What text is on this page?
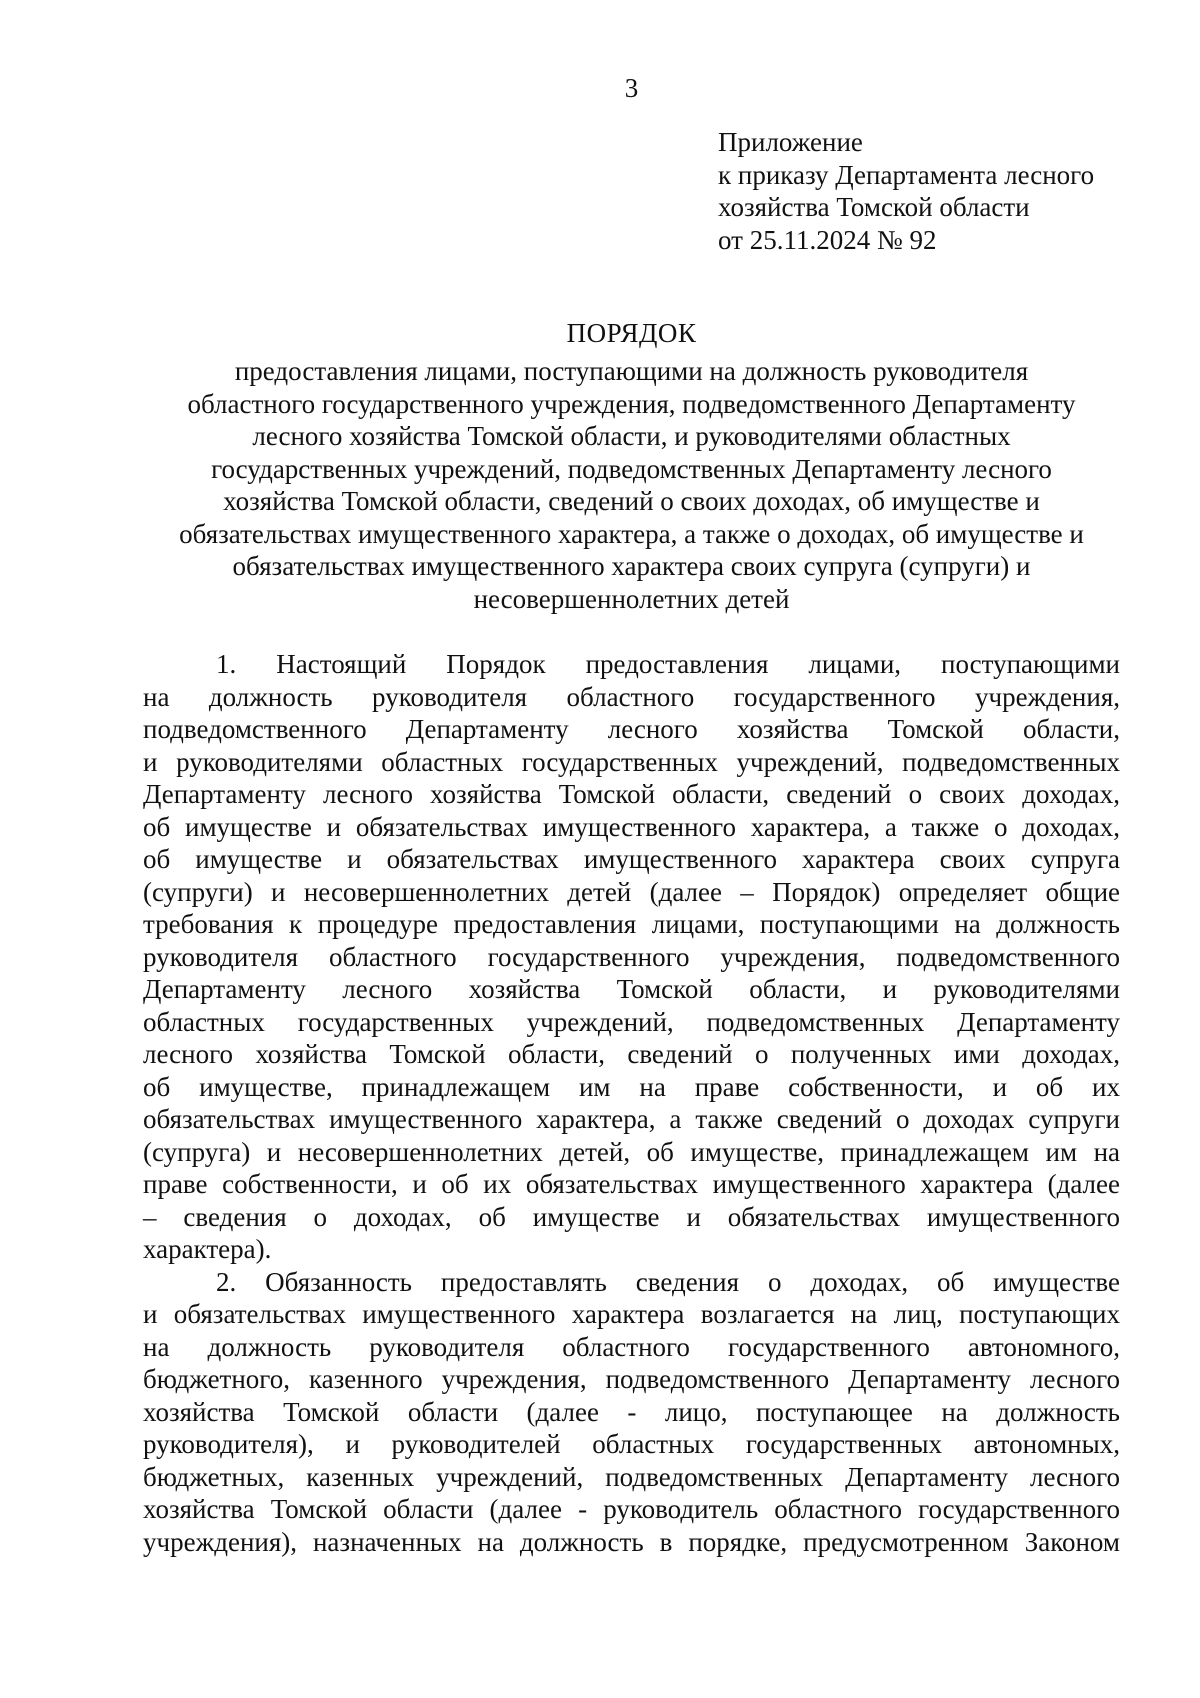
3
Приложение
к приказу Департамента лесного
хозяйства Томской области
от 25.11.2024 № 92
ПОРЯДОК
предоставления лицами, поступающими на должность руководителя
областного государственного учреждения, подведомственного Департаменту
лесного хозяйства Томской области, и руководителями областных
государственных учреждений, подведомственных Департаменту лесного
хозяйства Томской области, сведений о своих доходах, об имуществе и
обязательствах имущественного характера, а также о доходах, об имуществе и
обязательствах имущественного характера своих супруга (супруги) и
несовершеннолетних детей
1. Настоящий Порядок предоставления лицами, поступающими
на должность руководителя областного государственного учреждения,
подведомственного Департаменту лесного хозяйства Томской области,
и руководителями областных государственных учреждений, подведомственных
Департаменту лесного хозяйства Томской области, сведений о своих доходах,
об имуществе и обязательствах имущественного характера, а также о доходах,
об имуществе и обязательствах имущественного характера своих супруга
(супруги) и несовершеннолетних детей (далее – Порядок) определяет общие
требования к процедуре предоставления лицами, поступающими на должность
руководителя областного государственного учреждения, подведомственного
Департаменту лесного хозяйства Томской области, и руководителями
областных государственных учреждений, подведомственных Департаменту
лесного хозяйства Томской области, сведений о полученных ими доходах,
об имуществе, принадлежащем им на праве собственности, и об их
обязательствах имущественного характера, а также сведений о доходах супруги
(супруга) и несовершеннолетних детей, об имуществе, принадлежащем им на
праве собственности, и об их обязательствах имущественного характера (далее
– сведения о доходах, об имуществе и обязательствах имущественного
характера).
2. Обязанность предоставлять сведения о доходах, об имуществе
и обязательствах имущественного характера возлагается на лиц, поступающих
на должность руководителя областного государственного автономного,
бюджетного, казенного учреждения, подведомственного Департаменту лесного
хозяйства Томской области (далее - лицо, поступающее на должность
руководителя), и руководителей областных государственных автономных,
бюджетных, казенных учреждений, подведомственных Департаменту лесного
хозяйства Томской области (далее - руководитель областного государственного
учреждения), назначенных на должность в порядке, предусмотренном Законом
